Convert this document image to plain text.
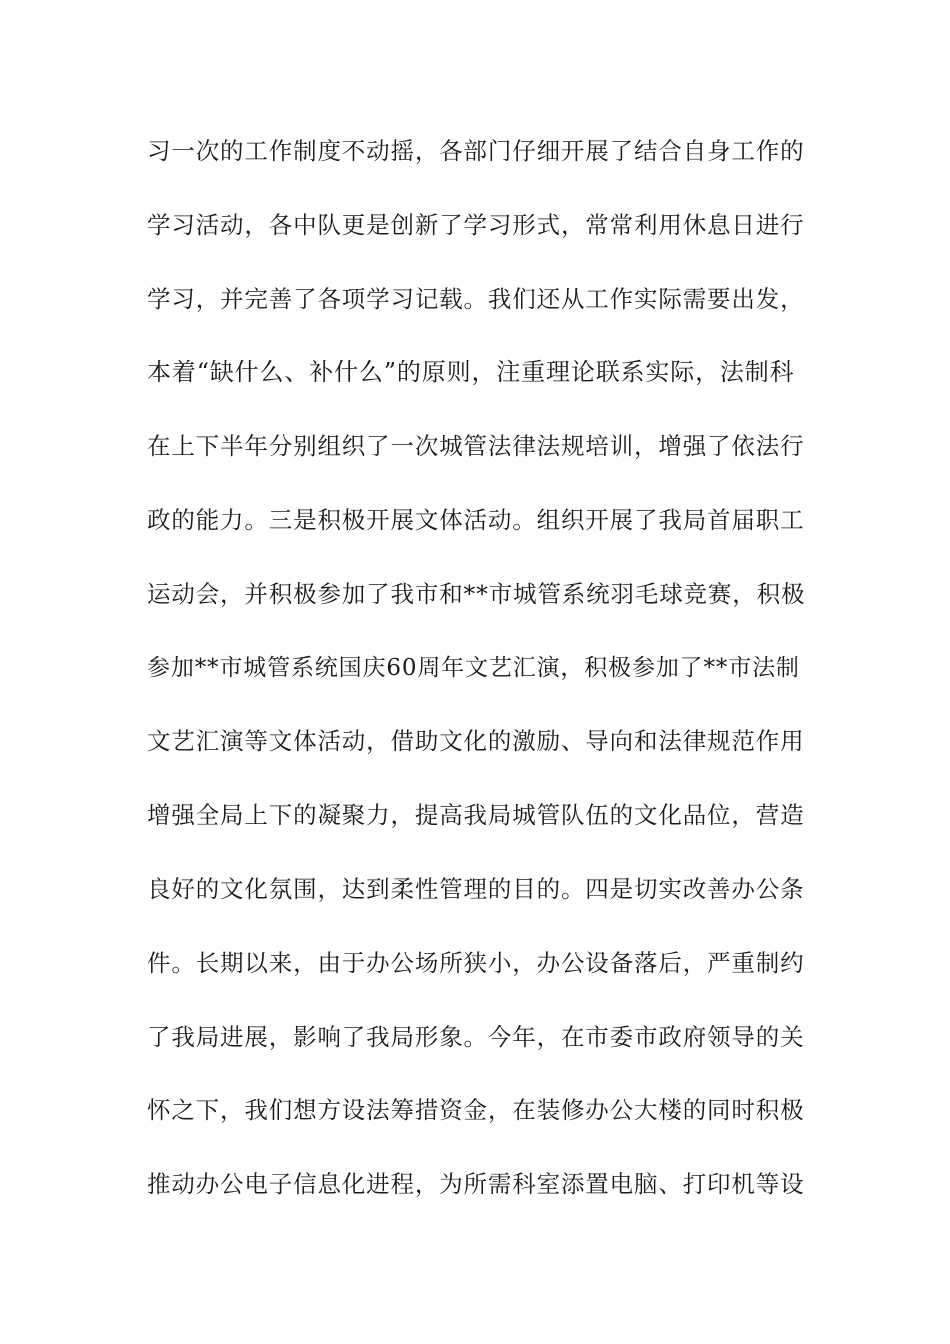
习一次的工作制度不动摇，各部门仔细开展了结合自身工作的
学习活动，各中队更是创新了学习形式，常常利用休息日进行
学习，并完善了各项学习记载。我们还从工作实际需要出发，
本着“缺什么、补什么”的原则，注重理论联系实际，法制科
在上下半年分别组织了一次城管法律法规培训，增强了依法行
政的能力。三是积极开展文体活动。组织开展了我局首届职工
运动会，并积极参加了我市和**市城管系统羽毛球竞赛，积极
参加**市城管系统国庆60周年文艺汇演，积极参加了**市法制
文艺汇演等文体活动，借助文化的激励、导向和法律规范作用
增强全局上下的凝聚力，提高我局城管队伍的文化品位，营造
良好的文化氛围，达到柔性管理的目的。四是切实改善办公条
件。长期以来，由于办公场所狭小，办公设备落后，严重制约
了我局进展，影响了我局形象。今年，在市委市政府领导的关
怀之下，我们想方设法筹措资金，在装修办公大楼的同时积极
推动办公电子信息化进程，为所需科室添置电脑、打印机等设
